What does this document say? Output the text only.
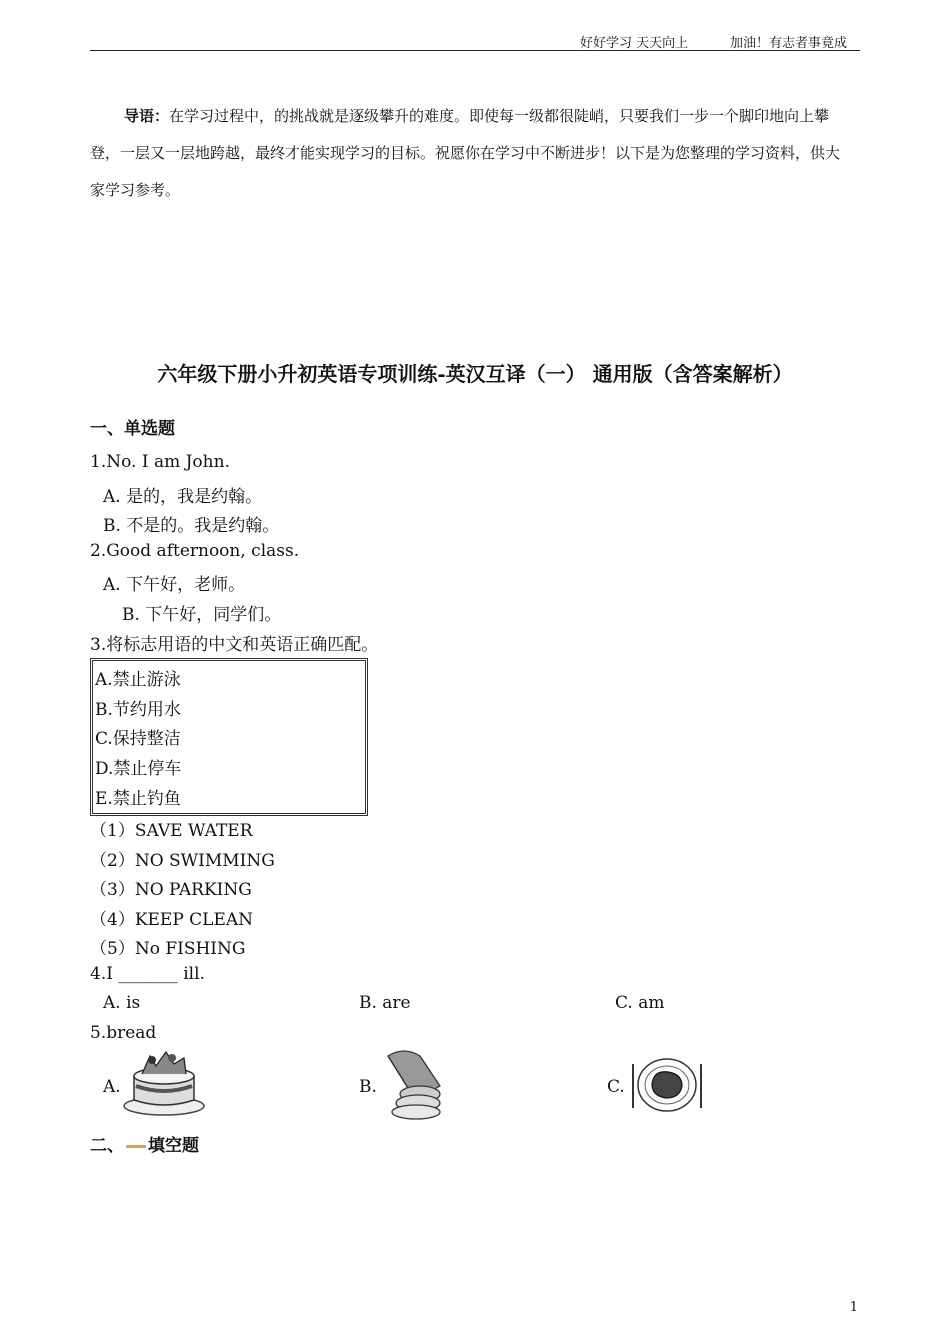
好好学习 天天向上	加油！有志者事竟成
导语：在学习过程中，的挑战就是逐级攀升的难度。即使每一级都很陡峭，只要我们一步一个脚印地向上攀登，一层又一层地跨越，最终才能实现学习的目标。祝愿你在学习中不断进步！以下是为您整理的学习资料，供大家学习参考。
六年级下册小升初英语专项训练-英汉互译（一） 通用版（含答案解析）
一、单选题
1.No. I am John.
A. 是的，我是约翰。
B. 不是的。我是约翰。
2.Good afternoon, class.
A. 下午好，老师。
B. 下午好，同学们。
3.将标志用语的中文和英语正确匹配。
A.禁止游泳
B.节约用水
C.保持整洁
D.禁止停车
E.禁止钓鱼
（1）SAVE WATER
（2）NO SWIMMING
（3）NO PARKING
（4）KEEP CLEAN
（5）No FISHING
4.I _______ ill.
A. is	B. are	C. am
5.bread
A.	B.	C.
二、 填空题
1
